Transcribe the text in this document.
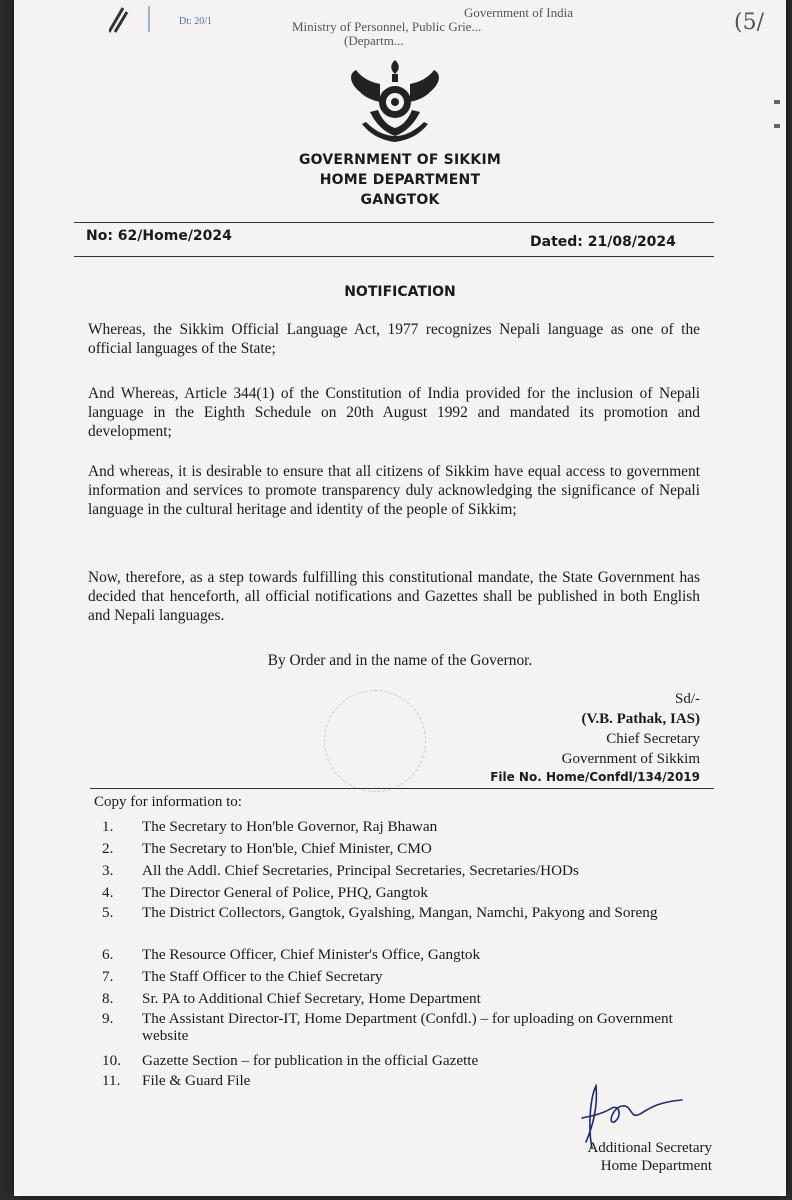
Government of India
Ministry of Personnel, Public Grie...
(Departm...
Dt: 20/1	(5/
GOVERNMENT OF SIKKIM
HOME DEPARTMENT
GANGTOK
No: 62/Home/2024	Dated: 21/08/2024
NOTIFICATION
Whereas, the Sikkim Official Language Act, 1977 recognizes Nepali language as one of the official languages of the State;
And Whereas, Article 344(1) of the Constitution of India provided for the inclusion of Nepali language in the Eighth Schedule on 20th August 1992 and mandated its promotion and development;
And whereas, it is desirable to ensure that all citizens of Sikkim have equal access to government information and services to promote transparency duly acknowledging the significance of Nepali language in the cultural heritage and identity of the people of Sikkim;
Now, therefore, as a step towards fulfilling this constitutional mandate, the State Government has decided that henceforth, all official notifications and Gazettes shall be published in both English and Nepali languages.
By Order and in the name of the Governor.
Sd/-
(V.B. Pathak, IAS)
Chief Secretary
Government of Sikkim
File No. Home/Confdl/134/2019
Copy for information to:
1.	The Secretary to Hon'ble Governor, Raj Bhawan
2.	The Secretary to Hon'ble, Chief Minister, CMO
3.	All the Addl. Chief Secretaries, Principal Secretaries, Secretaries/HODs
4.	The Director General of Police, PHQ, Gangtok
5.	The District Collectors, Gangtok, Gyalshing, Mangan, Namchi, Pakyong and Soreng
6.	The Resource Officer, Chief Minister's Office, Gangtok
7.	The Staff Officer to the Chief Secretary
8.	Sr. PA to Additional Chief Secretary, Home Department
9.	The Assistant Director-IT, Home Department (Confdl.) – for uploading on Government website
10.	Gazette Section – for publication in the official Gazette
11.	File & Guard File
Additional Secretary
Home Department
